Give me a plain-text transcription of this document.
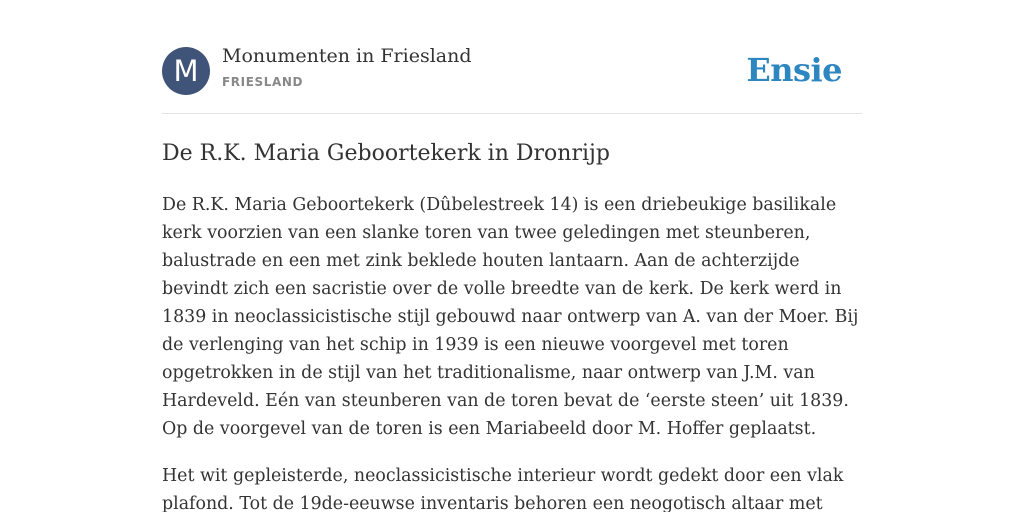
M	Monumenten in Friesland
FRIESLAND	Ensie
De R.K. Maria Geboortekerk in Dronrijp

De R.K. Maria Geboortekerk (Dûbelestreek 14) is een driebeukige basilikale kerk voorzien van een slanke toren van twee geledingen met steunberen, balustrade en een met zink beklede houten lantaarn. Aan de achterzijde bevindt zich een sacristie over de volle breedte van de kerk. De kerk werd in 1839 in neoclassicistische stijl gebouwd naar ontwerp van A. van der Moer. Bij de verlenging van het schip in 1939 is een nieuwe voorgevel met toren opgetrokken in de stijl van het traditionalisme, naar ontwerp van J.M. van Hardeveld. Eén van steunberen van de toren bevat de ‘eerste steen’ uit 1839. Op de voorgevel van de toren is een Mariabeeld door M. Hoffer geplaatst.

Het wit gepleisterde, neoclassicistische interieur wordt gedekt door een vlak plafond. Tot de 19de-eeuwse inventaris behoren een neogotisch altaar met
